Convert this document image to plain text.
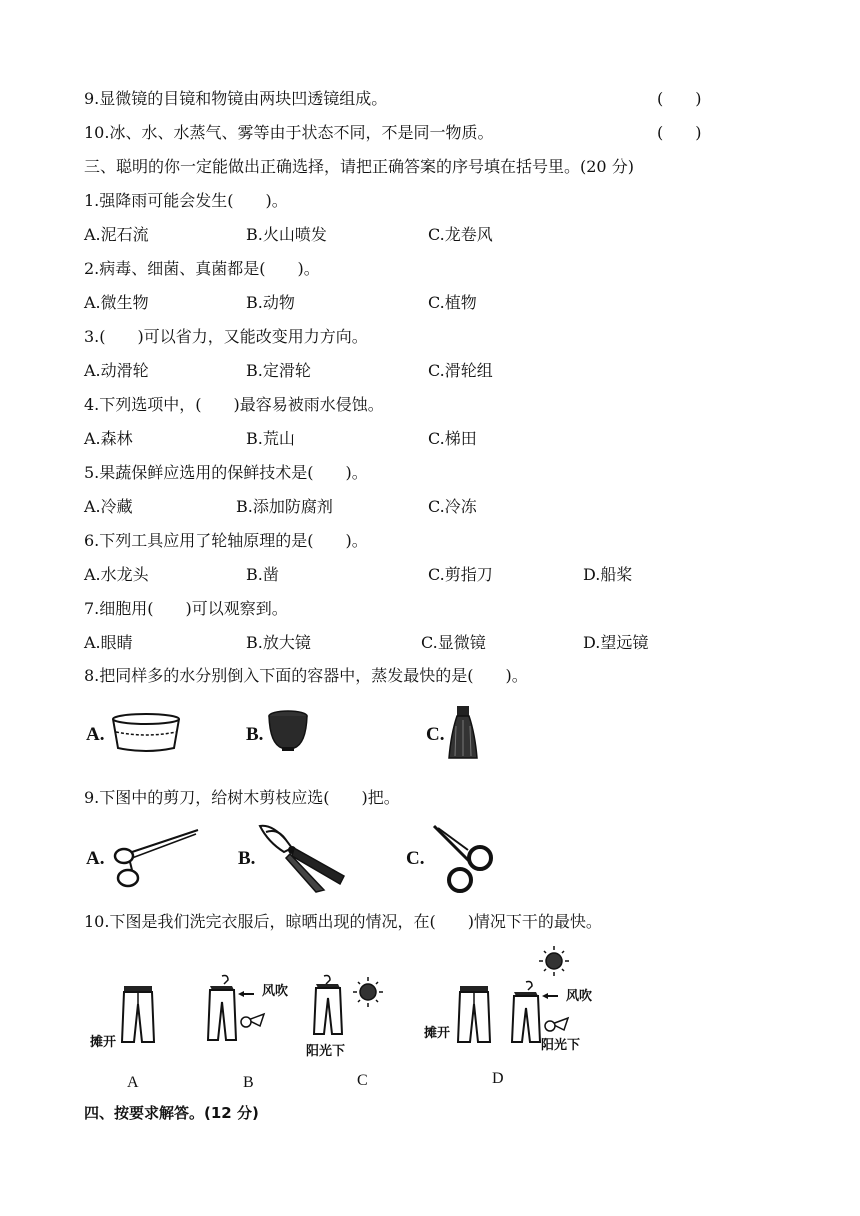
9.显微镜的目镜和物镜由两块凹透镜组成。	(　　)
10.冰、水、水蒸气、雾等由于状态不同，不是同一物质。	(　　)
三、聪明的你一定能做出正确选择，请把正确答案的序号填在括号里。(20 分)
1.强降雨可能会发生(　　)。
A.泥石流	B.火山喷发	C.龙卷风
2.病毒、细菌、真菌都是(　　)。
A.微生物	B.动物	C.植物
3.(　　)可以省力，又能改变用力方向。
A.动滑轮	B.定滑轮	C.滑轮组
4.下列选项中，(　　)最容易被雨水侵蚀。
A.森林	B.荒山	C.梯田
5.果蔬保鲜应选用的保鲜技术是(　　)。
A.冷藏	B.添加防腐剂	C.冷冻
6.下列工具应用了轮轴原理的是(　　)。
A.水龙头	B.凿	C.剪指刀	D.船桨
7.细胞用(　　)可以观察到。
A.眼睛	B.放大镜	C.显微镜	D.望远镜
8.把同样多的水分别倒入下面的容器中，蒸发最快的是(　　)。
A.	B.	C.
9.下图中的剪刀，给树木剪枝应选(　　)把。
A.	B.	C.
10.下图是我们洗完衣服后，晾晒出现的情况，在(　　)情况下干的最快。
摊开
A
风吹
B
阳光下
C
摊开
风吹
阳光下
D
四、按要求解答。(12 分)
